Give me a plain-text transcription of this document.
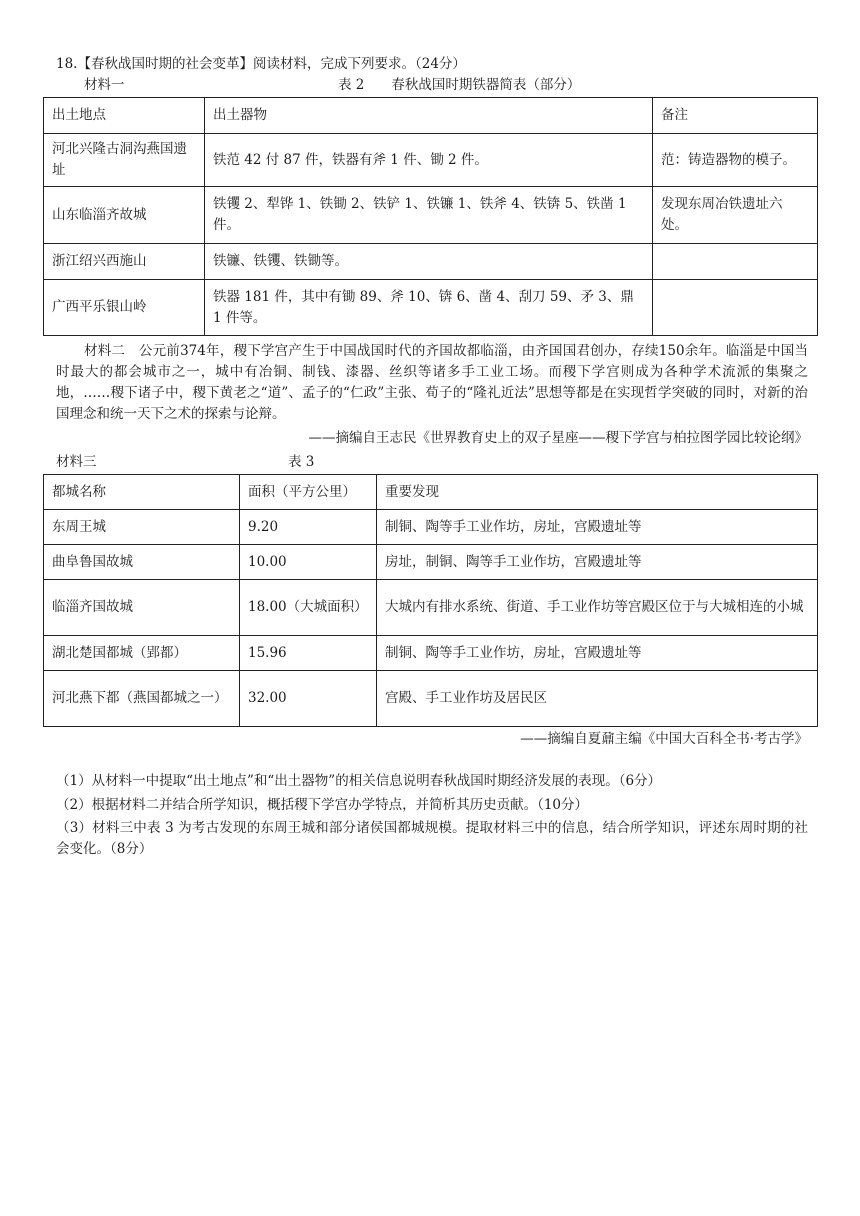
18.【春秋战国时期的社会变革】阅读材料，完成下列要求。（24分）
材料一	表 2　　春秋战国时期铁器简表（部分）
出土地点	出土器物	备注
河北兴隆古洞沟燕国遗址	铁范 42 付 87 件，铁器有斧 1 件、锄 2 件。	范：铸造器物的模子。
山东临淄齐故城	铁䦆 2、犁铧 1、铁锄 2、铁铲 1、铁镰 1、铁斧 4、铁锛 5、铁凿 1 件。	发现东周冶铁遗址六处。
浙江绍兴西施山	铁镰、铁䦆、铁锄等。	
广西平乐银山岭	铁器 181 件，其中有锄 89、斧 10、锛 6、凿 4、刮刀 59、矛 3、鼎 1 件等。	
材料二　 公元前374年，稷下学宫产生于中国战国时代的齐国故都临淄，由齐国国君创办，存续150余年。临淄是中国当时最大的都会城市之一，城中有冶铜、制钱、漆器、丝织等诸多手工业工场。而稷下学宫则成为各种学术流派的集聚之地，……稷下诸子中，稷下黄老之“道”、孟子的“仁政”主张、荀子的“隆礼近法”思想等都是在实现哲学突破的同时，对新的治国理念和统一天下之术的探索与论辩。
——摘编自王志民《世界教育史上的双子星座——稷下学宫与柏拉图学园比较论纲》
材料三	表 3
都城名称	面积（平方公里）	重要发现
东周王城	9.20	制铜、陶等手工业作坊，房址，宫殿遗址等
曲阜鲁国故城	10.00	房址，制铜、陶等手工业作坊，宫殿遗址等
临淄齐国故城	18.00（大城面积）	大城内有排水系统、街道、手工业作坊等宫殿区位于与大城相连的小城
湖北楚国都城（郢都）	15.96	制铜、陶等手工业作坊，房址，宫殿遗址等
河北燕下都（燕国都城之一）	32.00	宫殿、手工业作坊及居民区
——摘编自夏鼐主编《中国大百科全书·考古学》
（1）从材料一中提取“出土地点”和“出土器物”的相关信息说明春秋战国时期经济发展的表现。（6分）
（2）根据材料二并结合所学知识，概括稷下学宫办学特点，并简析其历史贡献。（10分）
（3）材料三中表 3 为考古发现的东周王城和部分诸侯国都城规模。提取材料三中的信息，结合所学知识，评述东周时期的社会变化。（8分）
